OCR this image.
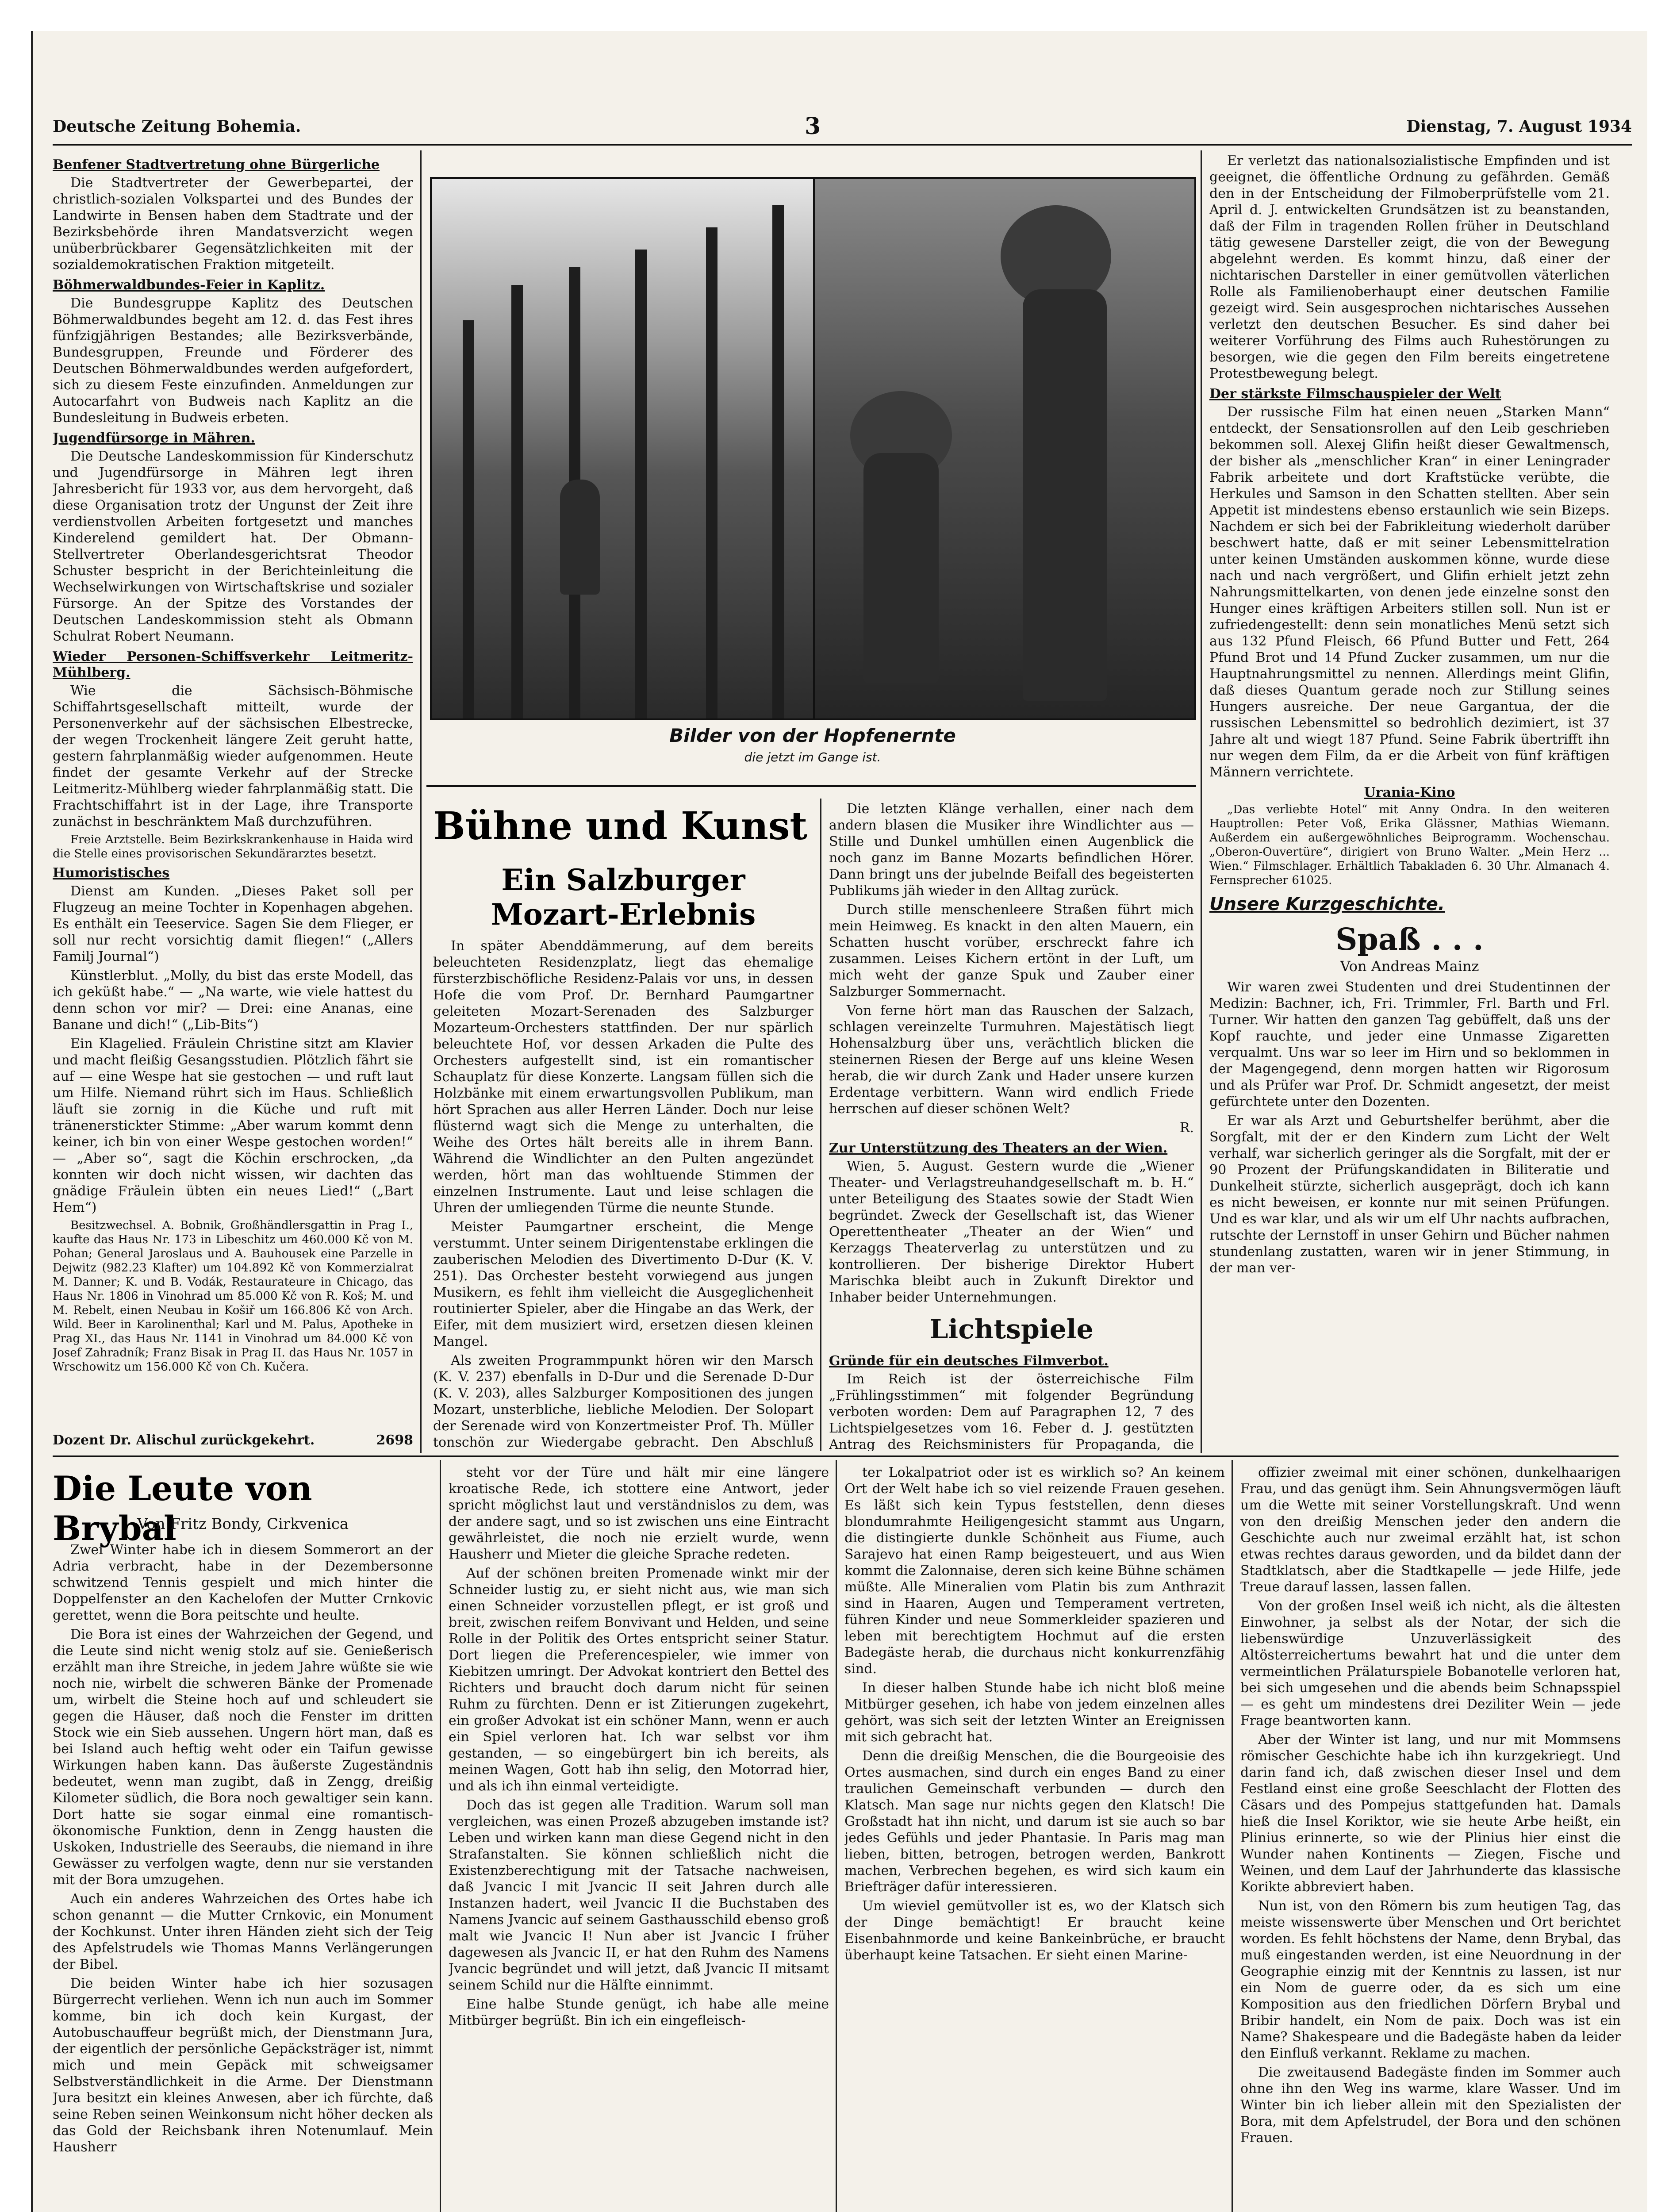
Deutsche Zeitung Bohemia.	3	Dienstag, 7. August 1934
Benfener Stadtvertretung ohne Bürgerliche

Die Stadtvertreter der Gewerbepartei, der christlich-sozialen Volkspartei und des Bundes der Landwirte in Bensen haben dem Stadtrate und der Bezirksbehörde ihren Mandatsverzicht wegen unüberbrückbarer Gegensätzlichkeiten mit der sozialdemokratischen Fraktion mitgeteilt.

Böhmerwaldbundes-Feier in Kaplitz.

Die Bundesgruppe Kaplitz des Deutschen Böhmerwaldbundes begeht am 12. d. das Fest ihres fünfzigjährigen Bestandes; alle Bezirksverbände, Bundesgruppen, Freunde und Förderer des Deutschen Böhmerwaldbundes werden aufgefordert, sich zu diesem Feste einzufinden. Anmeldungen zur Autocarfahrt von Budweis nach Kaplitz an die Bundesleitung in Budweis erbeten.

Jugendfürsorge in Mähren.

Die Deutsche Landeskommission für Kinderschutz und Jugendfürsorge in Mähren legt ihren Jahresbericht für 1933 vor, aus dem hervorgeht, daß diese Organisation trotz der Ungunst der Zeit ihre verdienstvollen Arbeiten fortgesetzt und manches Kinderelend gemildert hat. Der Obmann-Stellvertreter Oberlandesgerichtsrat Theodor Schuster bespricht in der Berichteinleitung die Wechselwirkungen von Wirtschaftskrise und sozialer Fürsorge. An der Spitze des Vorstandes der Deutschen Landeskommission steht als Obmann Schulrat Robert Neumann.

Wieder Personen-Schiffsverkehr Leitmeritz-Mühlberg.

Wie die Sächsisch-Böhmische Schiffahrtsgesellschaft mitteilt, wurde der Personenverkehr auf der sächsischen Elbestrecke, der wegen Trockenheit längere Zeit geruht hatte, gestern fahrplanmäßig wieder aufgenommen. Heute findet der gesamte Verkehr auf der Strecke Leitmeritz-Mühlberg wieder fahrplanmäßig statt. Die Frachtschiffahrt ist in der Lage, ihre Transporte zunächst in beschränktem Maß durchzuführen.

Freie Arztstelle. Beim Bezirkskrankenhause in Haida wird die Stelle eines provisorischen Sekundärarztes besetzt.

Humoristisches

Dienst am Kunden. „Dieses Paket soll per Flugzeug an meine Tochter in Kopenhagen abgehen. Es enthält ein Teeservice. Sagen Sie dem Flieger, er soll nur recht vorsichtig damit fliegen!“ („Allers Familj Journal“)

Künstlerblut. „Molly, du bist das erste Modell, das ich geküßt habe.“ — „Na warte, wie viele hattest du denn schon vor mir? — Drei: eine Ananas, eine Banane und dich!“ („Lib-Bits“)

Ein Klagelied. Fräulein Christine sitzt am Klavier und macht fleißig Gesangsstudien. Plötzlich fährt sie auf — eine Wespe hat sie gestochen — und ruft laut um Hilfe. Niemand rührt sich im Haus. Schließlich läuft sie zornig in die Küche und ruft mit tränenerstickter Stimme: „Aber warum kommt denn keiner, ich bin von einer Wespe gestochen worden!“ — „Aber so“, sagt die Köchin erschrocken, „da konnten wir doch nicht wissen, wir dachten das gnädige Fräulein übten ein neues Lied!“ („Bart Hem“)

Besitzwechsel. A. Bobnik, Großhändlersgattin in Prag I., kaufte das Haus Nr. 173 in Libeschitz um 460.000 Kč von M. Pohan; General Jaroslaus und A. Bauhousek eine Parzelle in Dejwitz (982.23 Klafter) um 104.892 Kč von Kommerzialrat M. Danner; K. und B. Vodák, Restaurateure in Chicago, das Haus Nr. 1806 in Vinohrad um 85.000 Kč von R. Koš; M. und M. Rebelt, einen Neubau in Košiř um 166.806 Kč von Arch. Wild. Beer in Karolinenthal; Karl und M. Palus, Apotheke in Prag XI., das Haus Nr. 1141 in Vinohrad um 84.000 Kč von Josef Zahradník; Franz Bisak in Prag II. das Haus Nr. 1057 in Wrschowitz um 156.000 Kč von Ch. Kučera.

Dozent Dr. Alischul zurückgekehrt.	2698
Bilder von der Hopfenernte
die jetzt im Gange ist.
Bühne und Kunst
Ein Salzburger Mozart-Erlebnis

In später Abenddämmerung, auf dem bereits beleuchteten Residenzplatz, liegt das ehemalige fürsterzbischöfliche Residenz-Palais vor uns, in dessen Hofe die vom Prof. Dr. Bernhard Paumgartner geleiteten Mozart-Serenaden des Salzburger Mozarteum-Orchesters stattfinden. Der nur spärlich beleuchtete Hof, vor dessen Arkaden die Pulte des Orchesters aufgestellt sind, ist ein romantischer Schauplatz für diese Konzerte. Langsam füllen sich die Holzbänke mit einem erwartungsvollen Publikum, man hört Sprachen aus aller Herren Länder. Doch nur leise flüsternd wagt sich die Menge zu unterhalten, die Weihe des Ortes hält bereits alle in ihrem Bann. Während die Windlichter an den Pulten angezündet werden, hört man das wohltuende Stimmen der einzelnen Instrumente. Laut und leise schlagen die Uhren der umliegenden Türme die neunte Stunde.

Meister Paumgartner erscheint, die Menge verstummt. Unter seinem Dirigentenstabe erklingen die zauberischen Melodien des Divertimento D-Dur (K. V. 251). Das Orchester besteht vorwiegend aus jungen Musikern, es fehlt ihm vielleicht die Ausgeglichenheit routinierter Spieler, aber die Hingabe an das Werk, der Eifer, mit dem musiziert wird, ersetzen diesen kleinen Mangel.

Als zweiten Programmpunkt hören wir den Marsch (K. V. 237) ebenfalls in D-Dur und die Serenade D-Dur (K. V. 203), alles Salzburger Kompositionen des jungen Mozart, unsterbliche, liebliche Melodien. Der Solopart der Serenade wird von Konzertmeister Prof. Th. Müller tonschön zur Wiedergabe gebracht. Den Abschluß

Die letzten Klänge verhallen, einer nach dem andern blasen die Musiker ihre Windlichter aus — Stille und Dunkel umhüllen einen Augenblick die noch ganz im Banne Mozarts befindlichen Hörer. Dann bringt uns der jubelnde Beifall des begeisterten Publikums jäh wieder in den Alltag zurück.

Durch stille menschenleere Straßen führt mich mein Heimweg. Es knackt in den alten Mauern, ein Schatten huscht vorüber, erschreckt fahre ich zusammen. Leises Kichern ertönt in der Luft, um mich weht der ganze Spuk und Zauber einer Salzburger Sommernacht.

Von ferne hört man das Rauschen der Salzach, schlagen vereinzelte Turmuhren. Majestätisch liegt Hohensalzburg über uns, verächtlich blicken die steinernen Riesen der Berge auf uns kleine Wesen herab, die wir durch Zank und Hader unsere kurzen Erdentage verbittern. Wann wird endlich Friede herrschen auf dieser schönen Welt?

R.

Zur Unterstützung des Theaters an der Wien.

Wien, 5. August. Gestern wurde die „Wiener Theater- und Verlagstreuhandgesellschaft m. b. H.“ unter Beteiligung des Staates sowie der Stadt Wien begründet. Zweck der Gesellschaft ist, das Wiener Operettentheater „Theater an der Wien“ und Kerzaggs Theaterverlag zu unterstützen und zu kontrollieren. Der bisherige Direktor Hubert Marischka bleibt auch in Zukunft Direktor und Inhaber beider Unternehmungen.

Lichtspiele
Gründe für ein deutsches Filmverbot.

Im Reich ist der österreichische Film „Frühlingsstimmen“ mit folgender Begründung verboten worden: Dem auf Paragraphen 12, 7 des Lichtspielgesetzes vom 16. Feber d. J. gestützten Antrag des Reichsministers für Propaganda, die

Er verletzt das nationalsozialistische Empfinden und ist geeignet, die öffentliche Ordnung zu gefährden. Gemäß den in der Entscheidung der Filmoberprüfstelle vom 21. April d. J. entwickelten Grundsätzen ist zu beanstanden, daß der Film in tragenden Rollen früher in Deutschland tätig gewesene Darsteller zeigt, die von der Bewegung abgelehnt werden. Es kommt hinzu, daß einer der nichtarischen Darsteller in einer gemütvollen väterlichen Rolle als Familienoberhaupt einer deutschen Familie gezeigt wird. Sein ausgesprochen nichtarisches Aussehen verletzt den deutschen Besucher. Es sind daher bei weiterer Vorführung des Films auch Ruhestörungen zu besorgen, wie die gegen den Film bereits eingetretene Protestbewegung belegt.

Der stärkste Filmschauspieler der Welt

Der russische Film hat einen neuen „Starken Mann“ entdeckt, der Sensationsrollen auf den Leib geschrieben bekommen soll. Alexej Glifin heißt dieser Gewaltmensch, der bisher als „menschlicher Kran“ in einer Leningrader Fabrik arbeitete und dort Kraftstücke verübte, die Herkules und Samson in den Schatten stellten. Aber sein Appetit ist mindestens ebenso erstaunlich wie sein Bizeps. Nachdem er sich bei der Fabrikleitung wiederholt darüber beschwert hatte, daß er mit seiner Lebensmittelration unter keinen Umständen auskommen könne, wurde diese nach und nach vergrößert, und Glifin erhielt jetzt zehn Nahrungsmittelkarten, von denen jede einzelne sonst den Hunger eines kräftigen Arbeiters stillen soll. Nun ist er zufriedengestellt: denn sein monatliches Menü setzt sich aus 132 Pfund Fleisch, 66 Pfund Butter und Fett, 264 Pfund Brot und 14 Pfund Zucker zusammen, um nur die Hauptnahrungsmittel zu nennen. Allerdings meint Glifin, daß dieses Quantum gerade noch zur Stillung seines Hungers ausreiche. Der neue Gargantua, der die russischen Lebensmittel so bedrohlich dezimiert, ist 37 Jahre alt und wiegt 187 Pfund. Seine Fabrik übertrifft ihn nur wegen dem Film, da er die Arbeit von fünf kräftigen Männern verrichtete.

Urania-Kino

„Das verliebte Hotel“ mit Anny Ondra. In den weiteren Hauptrollen: Peter Voß, Erika Glässner, Mathias Wiemann. Außerdem ein außergewöhnliches Beiprogramm. Wochenschau. „Oberon-Ouvertüre“, dirigiert von Bruno Walter. „Mein Herz ... Wien.“ Filmschlager. Erhältlich Tabakladen 6. 30 Uhr. Almanach 4. Fernsprecher 61025.

Unsere Kurzgeschichte.
Spaß . . .
Von Andreas Mainz

Wir waren zwei Studenten und drei Studentinnen der Medizin: Bachner, ich, Fri. Trimmler, Frl. Barth und Frl. Turner. Wir hatten den ganzen Tag gebüffelt, daß uns der Kopf rauchte, und jeder eine Unmasse Zigaretten verqualmt. Uns war so leer im Hirn und so beklommen in der Magengegend, denn morgen hatten wir Rigorosum und als Prüfer war Prof. Dr. Schmidt angesetzt, der meist gefürchtete unter den Dozenten.

Er war als Arzt und Geburtshelfer berühmt, aber die Sorgfalt, mit der er den Kindern zum Licht der Welt verhalf, war sicherlich geringer als die Sorgfalt, mit der er 90 Prozent der Prüfungskandidaten in Biliteratie und Dunkelheit stürzte, sicherlich ausgeprägt, doch ich kann es nicht beweisen, er konnte nur mit seinen Prüfungen. Und es war klar, und als wir um elf Uhr nachts aufbrachen, rutschte der Lernstoff in unser Gehirn und Bücher nahmen stundenlang zustatten, waren wir in jener Stimmung, in der man ver-

Die Leute von Brybal
Von Fritz Bondy, Cirkvenica

Zwei Winter habe ich in diesem Sommerort an der Adria verbracht, habe in der Dezembersonne schwitzend Tennis gespielt und mich hinter die Doppelfenster an den Kachelofen der Mutter Crnkovic gerettet, wenn die Bora peitschte und heulte.

Die Bora ist eines der Wahrzeichen der Gegend, und die Leute sind nicht wenig stolz auf sie. Genießerisch erzählt man ihre Streiche, in jedem Jahre wüßte sie wie noch nie, wirbelt die schweren Bänke der Promenade um, wirbelt die Steine hoch auf und schleudert sie gegen die Häuser, daß noch die Fenster im dritten Stock wie ein Sieb aussehen. Ungern hört man, daß es bei Island auch heftig weht oder ein Taifun gewisse Wirkungen haben kann. Das äußerste Zugeständnis bedeutet, wenn man zugibt, daß in Zengg, dreißig Kilometer südlich, die Bora noch gewaltiger sein kann. Dort hatte sie sogar einmal eine romantisch-ökonomische Funktion, denn in Zengg hausten die Uskoken, Industrielle des Seeraubs, die niemand in ihre Gewässer zu verfolgen wagte, denn nur sie verstanden mit der Bora umzugehen.

Auch ein anderes Wahrzeichen des Ortes habe ich schon genannt — die Mutter Crnkovic, ein Monument der Kochkunst. Unter ihren Händen zieht sich der Teig des Apfelstrudels wie Thomas Manns Verlängerungen der Bibel.

Die beiden Winter habe ich hier sozusagen Bürgerrecht verliehen. Wenn ich nun auch im Sommer komme, bin ich doch kein Kurgast, der Autobuschauffeur begrüßt mich, der Dienstmann Jura, der eigentlich der persönliche Gepäcksträger ist, nimmt mich und mein Gepäck mit schweigsamer Selbstverständlichkeit in die Arme. Der Dienstmann Jura besitzt ein kleines Anwesen, aber ich fürchte, daß seine Reben seinen Weinkonsum nicht höher decken als das Gold der Reichsbank ihren Notenumlauf. Mein Hausherr

steht vor der Türe und hält mir eine längere kroatische Rede, ich stottere eine Antwort, jeder spricht möglichst laut und verständnislos zu dem, was der andere sagt, und so ist zwischen uns eine Eintracht gewährleistet, die noch nie erzielt wurde, wenn Hausherr und Mieter die gleiche Sprache redeten.

Auf der schönen breiten Promenade winkt mir der Schneider lustig zu, er sieht nicht aus, wie man sich einen Schneider vorzustellen pflegt, er ist groß und breit, zwischen reifem Bonvivant und Helden, und seine Rolle in der Politik des Ortes entspricht seiner Statur. Dort liegen die Preferencespieler, wie immer von Kiebitzen umringt. Der Advokat kontriert den Bettel des Richters und braucht doch darum nicht für seinen Ruhm zu fürchten. Denn er ist Zitierungen zugekehrt, ein großer Advokat ist ein schöner Mann, wenn er auch ein Spiel verloren hat. Ich war selbst vor ihm gestanden, — so eingebürgert bin ich bereits, als meinen Wagen, Gott hab ihn selig, den Motorrad hier, und als ich ihn einmal verteidigte.

Doch das ist gegen alle Tradition. Warum soll man vergleichen, was einen Prozeß abzugeben imstande ist? Leben und wirken kann man diese Gegend nicht in den Strafanstalten. Sie können schließlich nicht die Existenzberechtigung mit der Tatsache nachweisen, daß Jvancic I mit Jvancic II seit Jahren durch alle Instanzen hadert, weil Jvancic II die Buchstaben des Namens Jvancic auf seinem Gasthausschild ebenso groß malt wie Jvancic I! Nun aber ist Jvancic I früher dagewesen als Jvancic II, er hat den Ruhm des Namens Jvancic begründet und will jetzt, daß Jvancic II mitsamt seinem Schild nur die Hälfte einnimmt.

Eine halbe Stunde genügt, ich habe alle meine Mitbürger begrüßt. Bin ich ein eingefleisch-

ter Lokalpatriot oder ist es wirklich so? An keinem Ort der Welt habe ich so viel reizende Frauen gesehen. Es läßt sich kein Typus feststellen, denn dieses blondumrahmte Heiligengesicht stammt aus Ungarn, die distingierte dunkle Schönheit aus Fiume, auch Sarajevo hat einen Ramp beigesteuert, und aus Wien kommt die Zalonnaise, deren sich keine Bühne schämen müßte. Alle Mineralien vom Platin bis zum Anthrazit sind in Haaren, Augen und Temperament vertreten, führen Kinder und neue Sommerkleider spazieren und leben mit berechtigtem Hochmut auf die ersten Badegäste herab, die durchaus nicht konkurrenzfähig sind.

In dieser halben Stunde habe ich nicht bloß meine Mitbürger gesehen, ich habe von jedem einzelnen alles gehört, was sich seit der letzten Winter an Ereignissen mit sich gebracht hat.

Denn die dreißig Menschen, die die Bourgeoisie des Ortes ausmachen, sind durch ein enges Band zu einer traulichen Gemeinschaft verbunden — durch den Klatsch. Man sage nur nichts gegen den Klatsch! Die Großstadt hat ihn nicht, und darum ist sie auch so bar jedes Gefühls und jeder Phantasie. In Paris mag man lieben, bitten, betrogen, betrogen werden, Bankrott machen, Verbrechen begehen, es wird sich kaum ein Briefträger dafür interessieren.

Um wieviel gemütvoller ist es, wo der Klatsch sich der Dinge bemächtigt! Er braucht keine Eisenbahnmorde und keine Bankeinbrüche, er braucht überhaupt keine Tatsachen. Er sieht einen Marine-

offizier zweimal mit einer schönen, dunkelhaarigen Frau, und das genügt ihm. Sein Ahnungsvermögen läuft um die Wette mit seiner Vorstellungskraft. Und wenn von den dreißig Menschen jeder den andern die Geschichte auch nur zweimal erzählt hat, ist schon etwas rechtes daraus geworden, und da bildet dann der Stadtklatsch, aber die Stadtkapelle — jede Hilfe, jede Treue darauf lassen, lassen fallen.

Von der großen Insel weiß ich nicht, als die ältesten Einwohner, ja selbst als der Notar, der sich die liebenswürdige Unzuverlässigkeit des Altösterreichertums bewahrt hat und die unter dem vermeintlichen Prälaturspiele Bobanotelle verloren hat, bei sich umgesehen und die abends beim Schnapsspiel — es geht um mindestens drei Deziliter Wein — jede Frage beantworten kann.

Aber der Winter ist lang, und nur mit Mommsens römischer Geschichte habe ich ihn kurzgekriegt. Und darin fand ich, daß zwischen dieser Insel und dem Festland einst eine große Seeschlacht der Flotten des Cäsars und des Pompejus stattgefunden hat. Damals hieß die Insel Koriktor, wie sie heute Arbe heißt, ein Plinius erinnerte, so wie der Plinius hier einst die Wunder nahen Kontinents — Ziegen, Fische und Weinen, und dem Lauf der Jahrhunderte das klassische Korikte abbreviert haben.

Nun ist, von den Römern bis zum heutigen Tag, das meiste wissenswerte über Menschen und Ort berichtet worden. Es fehlt höchstens der Name, denn Brybal, das muß eingestanden werden, ist eine Neuordnung in der Geographie einzig mit der Kenntnis zu lassen, ist nur ein Nom de guerre oder, da es sich um eine Komposition aus den friedlichen Dörfern Brybal und Bribir handelt, ein Nom de paix. Doch was ist ein Name? Shakespeare und die Badegäste haben da leider den Einfluß verkannt. Reklame zu machen.

Die zweitausend Badegäste finden im Sommer auch ohne ihn den Weg ins warme, klare Wasser. Und im Winter bin ich lieber allein mit den Spezialisten der Bora, mit dem Apfelstrudel, der Bora und den schönen Frauen.
